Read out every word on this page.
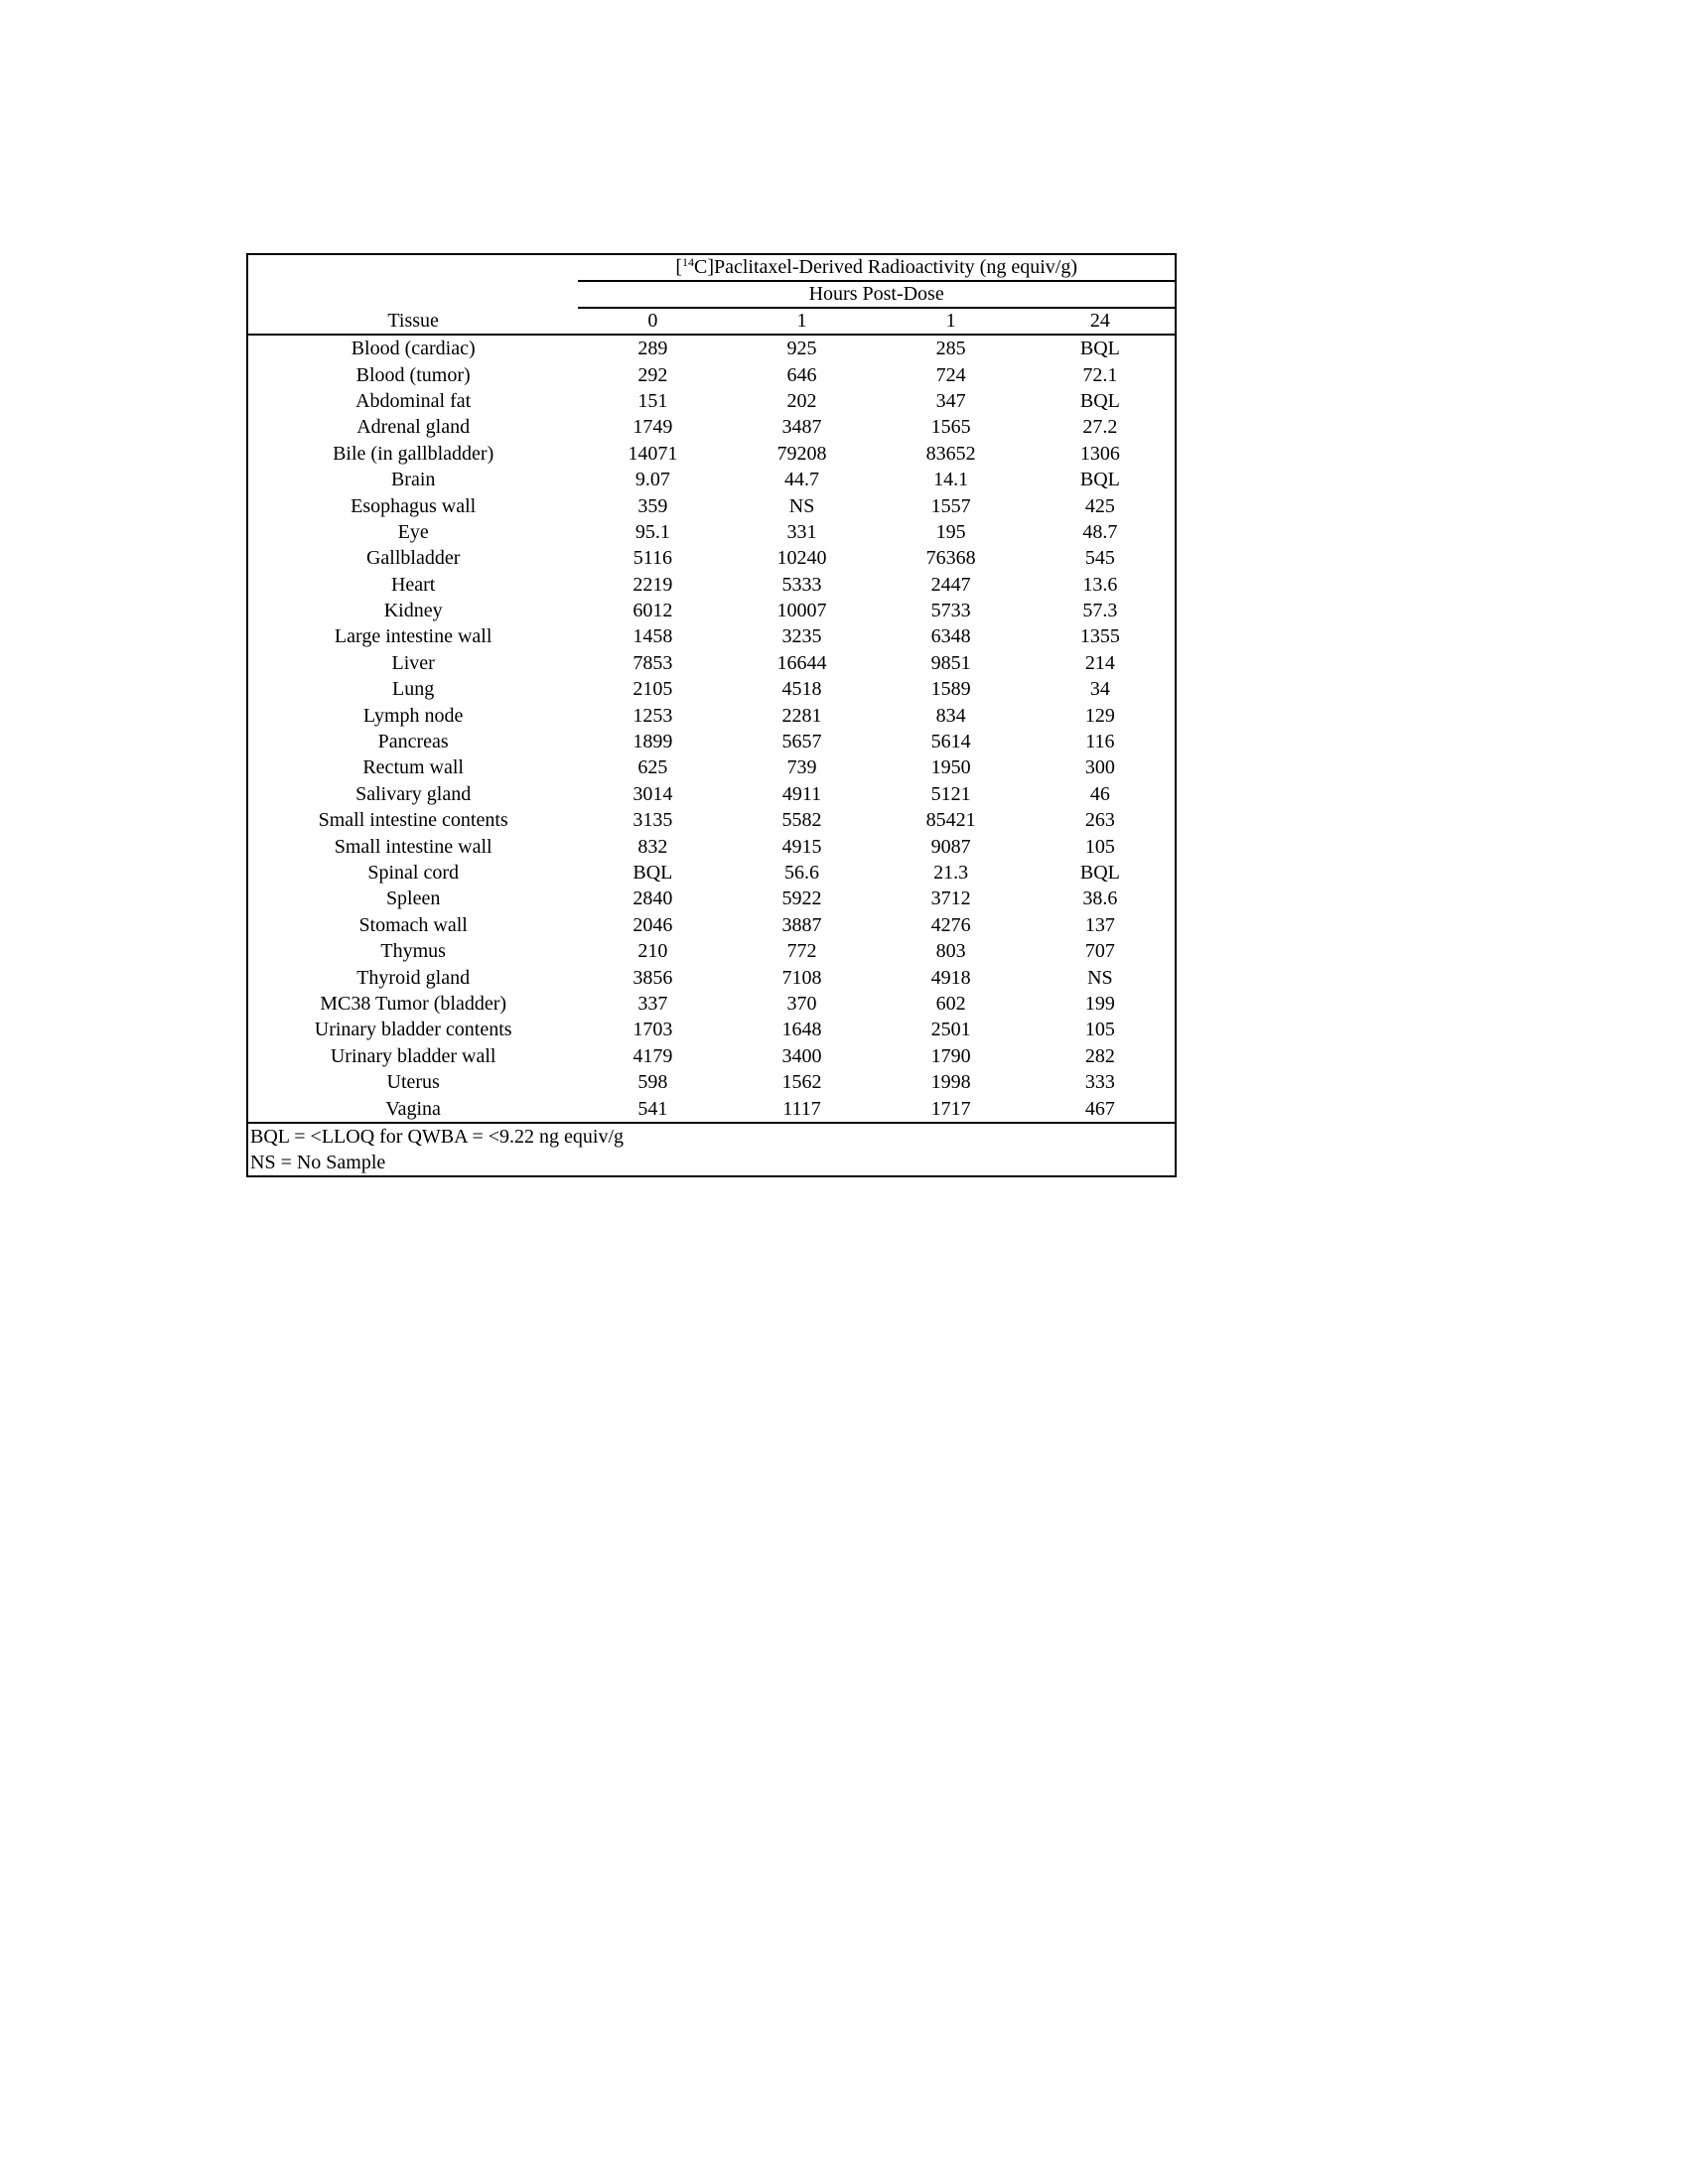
	[$^{14}$C]Paclitaxel-Derived Radioactivity (ng equiv/g)			
	Hours Post-Dose			
Tissue	0	1	1	24
Blood (cardiac)	289	925	285	BQL
Blood (tumor)	292	646	724	72.1
Abdominal fat	151	202	347	BQL
Adrenal gland	1749	3487	1565	27.2
Bile (in gallbladder)	14071	79208	83652	1306
Brain	9.07	44.7	14.1	BQL
Esophagus wall	359	NS	1557	425
Eye	95.1	331	195	48.7
Gallbladder	5116	10240	76368	545
Heart	2219	5333	2447	13.6
Kidney	6012	10007	5733	57.3
Large intestine wall	1458	3235	6348	1355
Liver	7853	16644	9851	214
Lung	2105	4518	1589	34
Lymph node	1253	2281	834	129
Pancreas	1899	5657	5614	116
Rectum wall	625	739	1950	300
Salivary gland	3014	4911	5121	46
Small intestine contents	3135	5582	85421	263
Small intestine wall	832	4915	9087	105
Spinal cord	BQL	56.6	21.3	BQL
Spleen	2840	5922	3712	38.6
Stomach wall	2046	3887	4276	137
Thymus	210	772	803	707
Thyroid gland	3856	7108	4918	NS
MC38 Tumor (bladder)	337	370	602	199
Urinary bladder contents	1703	1648	2501	105
Urinary bladder wall	4179	3400	1790	282
Uterus	598	1562	1998	333
Vagina	541	1117	1717	467
BQL = <LLOQ for QWBA = <9.22 ng equiv/g				
NS = No Sample				
